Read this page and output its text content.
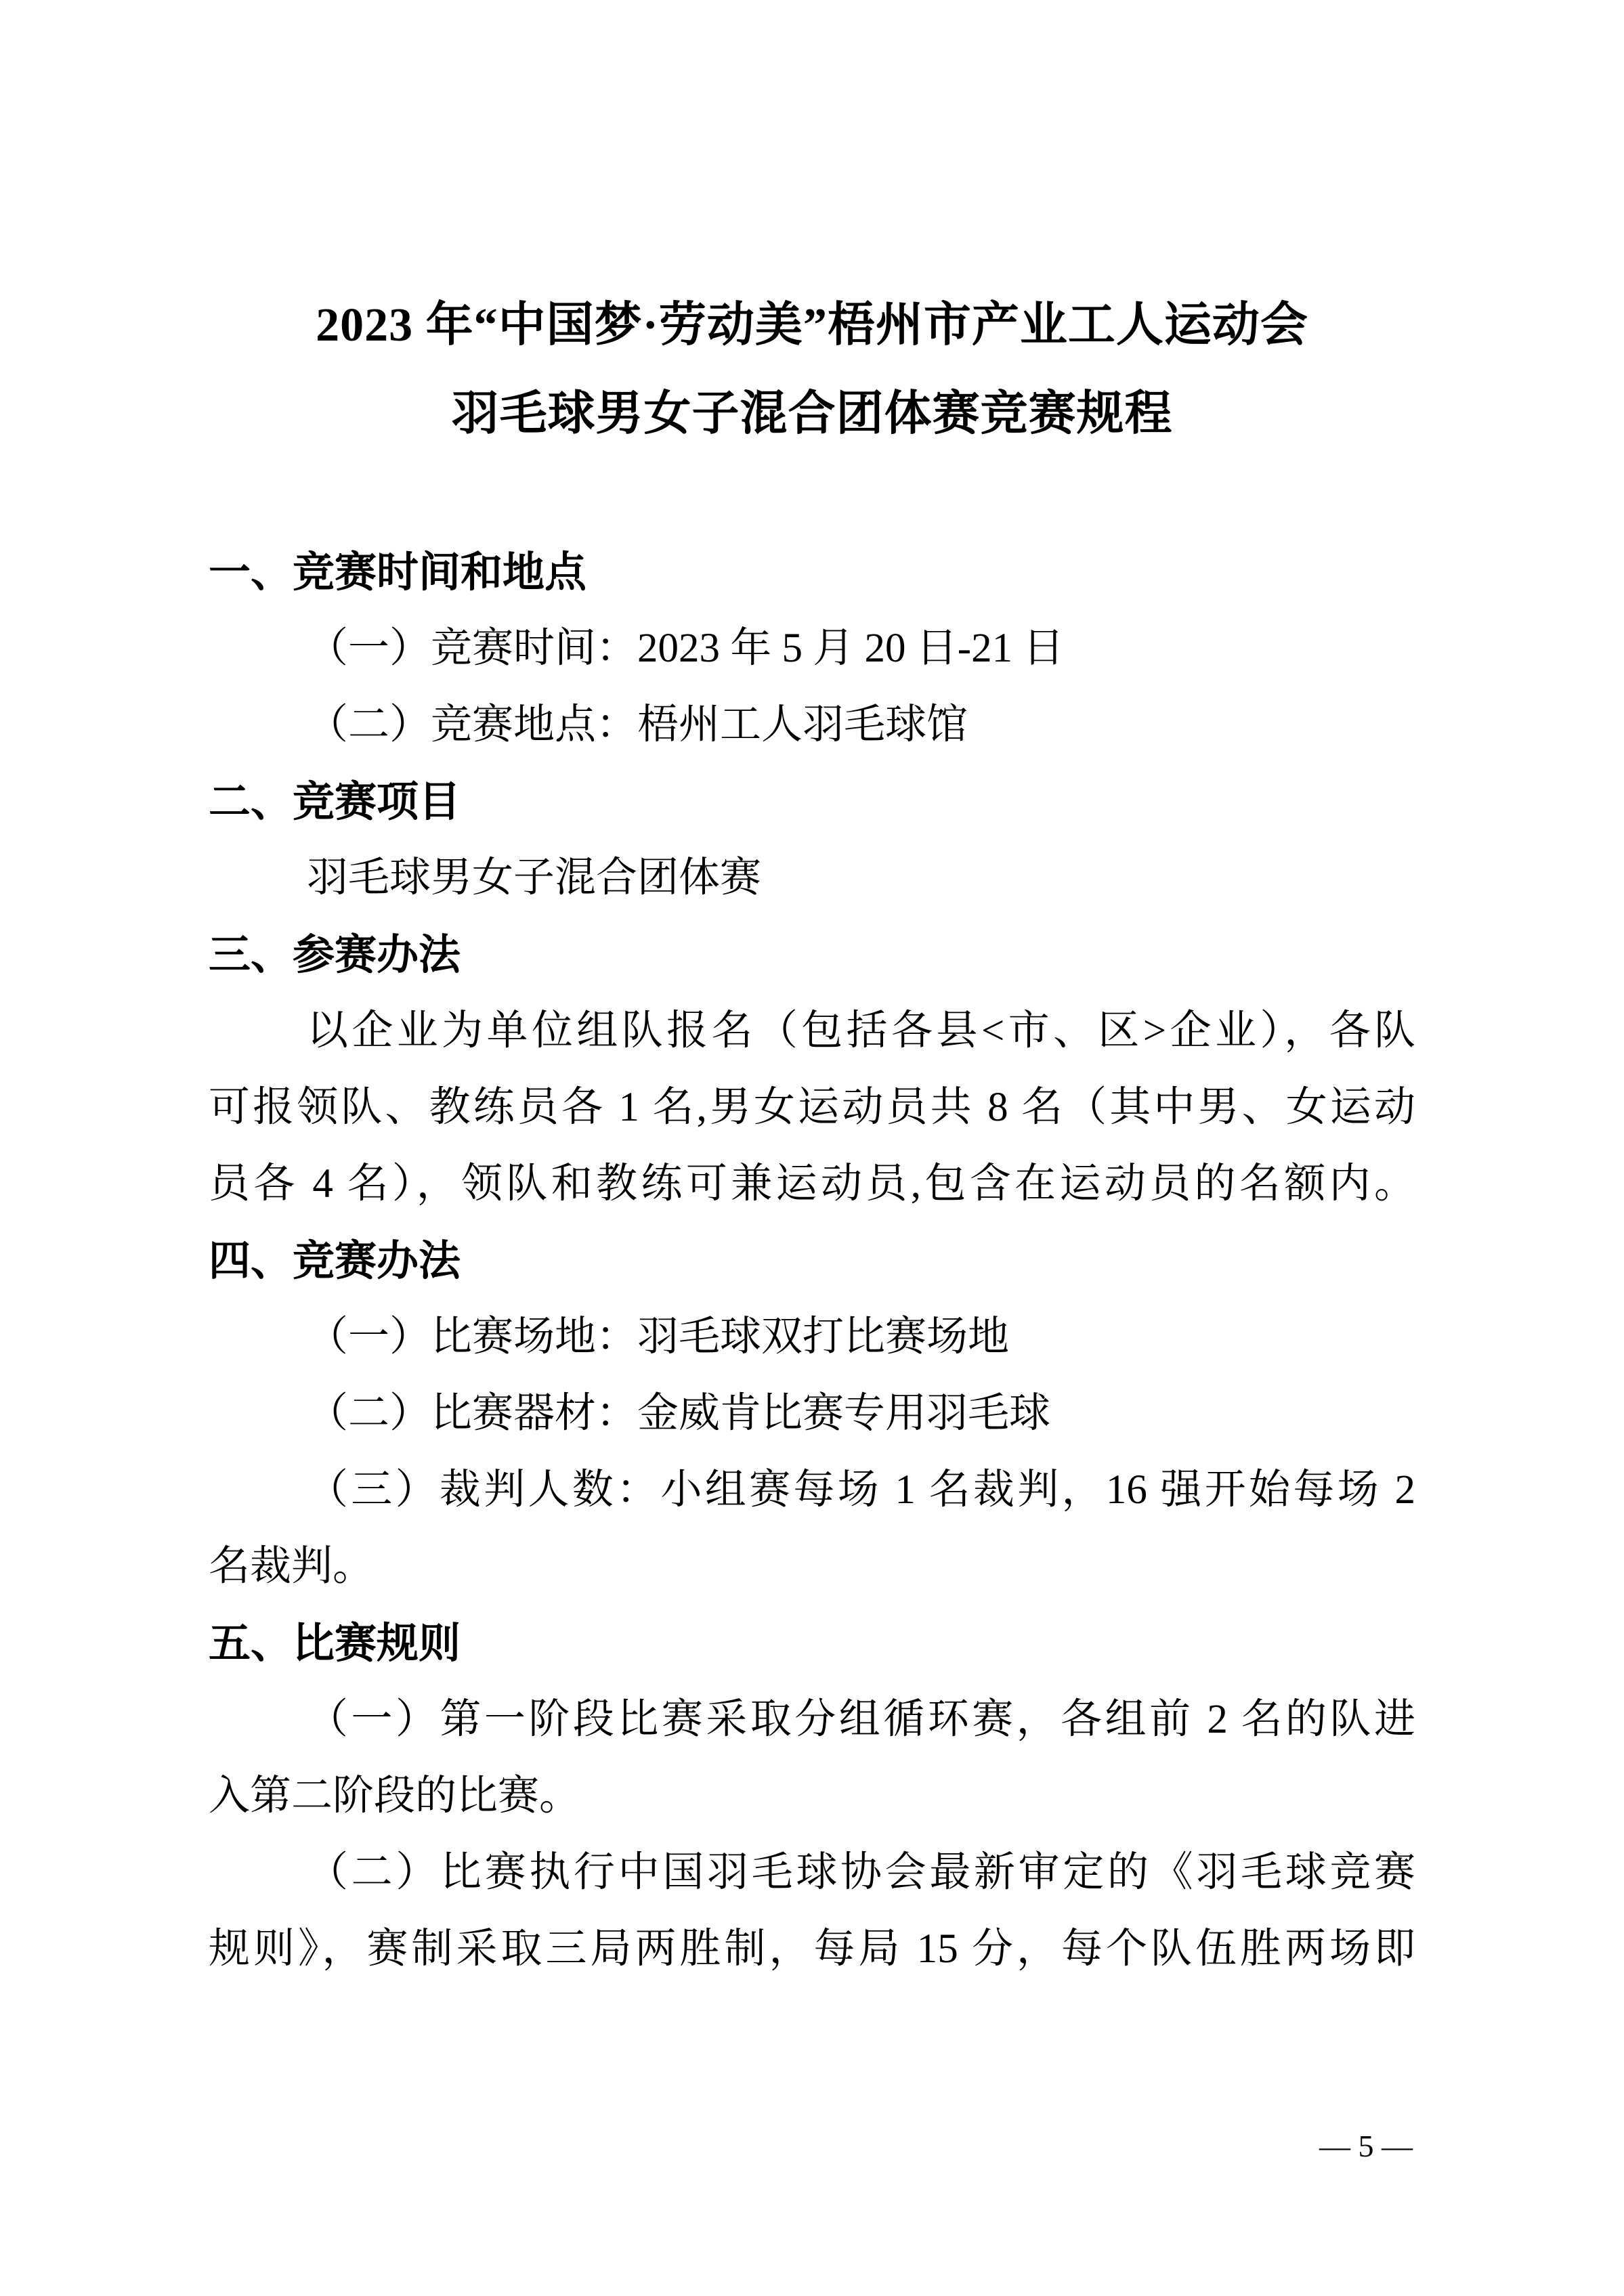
2023 年“中国梦·劳动美”梧州市产业工人运动会
羽毛球男女子混合团体赛竞赛规程

一、竞赛时间和地点

（一）竞赛时间：2023 年 5 月 20 日-21 日

（二）竞赛地点：梧州工人羽毛球馆

二、竞赛项目

羽毛球男女子混合团体赛

三、参赛办法

以企业为单位组队报名（包括各县<市、区>企业），各队

可报领队、教练员各 1 名,男女运动员共 8 名（其中男、女运动

员各 4 名），领队和教练可兼运动员,包含在运动员的名额内。

四、竞赛办法

（一）比赛场地：羽毛球双打比赛场地

（二）比赛器材：金威肯比赛专用羽毛球

（三）裁判人数：小组赛每场 1 名裁判，16 强开始每场 2

名裁判。

五、比赛规则

（一）第一阶段比赛采取分组循环赛，各组前 2 名的队进

入第二阶段的比赛。

（二）比赛执行中国羽毛球协会最新审定的《羽毛球竞赛

规则》，赛制采取三局两胜制，每局 15 分，每个队伍胜两场即

— 5 —
